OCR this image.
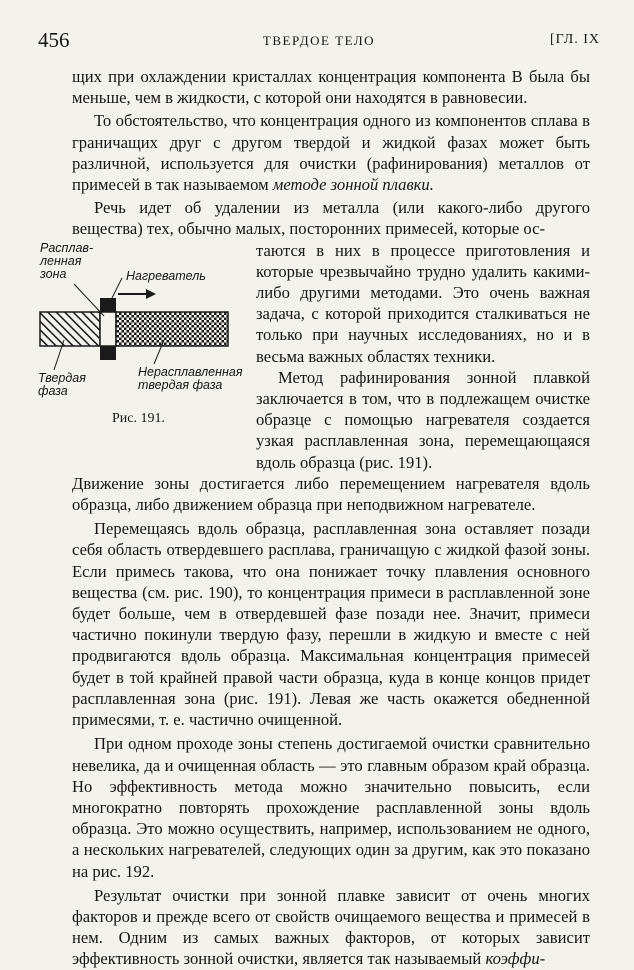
456	ТВЕРДОЕ ТЕЛО	[ГЛ. IX

щих при охлаждении кристаллах концентрация компонента B была бы меньше, чем в жидкости, с которой они находятся в равновесии.

То обстоятельство, что концентрация одного из компонентов сплава в граничащих друг с другом твердой и жидкой фазах может быть различной, используется для очистки (рафинирования) металлов от примесей в так называемом методе зонной плавки.

Речь идет об удалении из металла (или какого-либо другого вещества) тех, обычно малых, посторонних примесей, которые ос-

Расплав-
ленная
зона	Нагреватель
Твердая
фаза
Нерасплавленная
твердая фаза
Рис. 191.

таются в них в процессе приготовления и которые чрезвычайно трудно удалить какими-либо другими методами. Это очень важная задача, с которой приходится сталкиваться не только при научных исследованиях, но и в весьма важных областях техники.

Метод рафинирования зонной плавкой заключается в том, что в подлежащем очистке образце с помощью нагревателя создается узкая расплавленная зона, перемещающаяся вдоль образца (рис. 191).

Движение зоны достигается либо перемещением нагревателя вдоль образца, либо движением образца при неподвижном нагревателе.

Перемещаясь вдоль образца, расплавленная зона оставляет позади себя область отвердевшего расплава, граничащую с жидкой фазой зоны. Если примесь такова, что она понижает точку плавления основного вещества (см. рис. 190), то концентрация примеси в расплавленной зоне будет больше, чем в отвердевшей фазе позади нее. Значит, примеси частично покинули твердую фазу, перешли в жидкую и вместе с ней продвигаются вдоль образца. Максимальная концентрация примесей будет в той крайней правой части образца, куда в конце концов придет расплавленная зона (рис. 191). Левая же часть окажется обедненной примесями, т. е. частично очищенной.

При одном проходе зоны степень достигаемой очистки сравнительно невелика, да и очищенная область — это главным образом край образца. Но эффективность метода можно значительно повысить, если многократно повторять прохождение расплавленной зоны вдоль образца. Это можно осуществить, например, использованием не одного, а нескольких нагревателей, следующих один за другим, как это показано на рис. 192.

Результат очистки при зонной плавке зависит от очень многих факторов и прежде всего от свойств очищаемого вещества и примесей в нем. Одним из самых важных факторов, от которых зависит эффективность зонной очистки, является так называемый коэффи-
